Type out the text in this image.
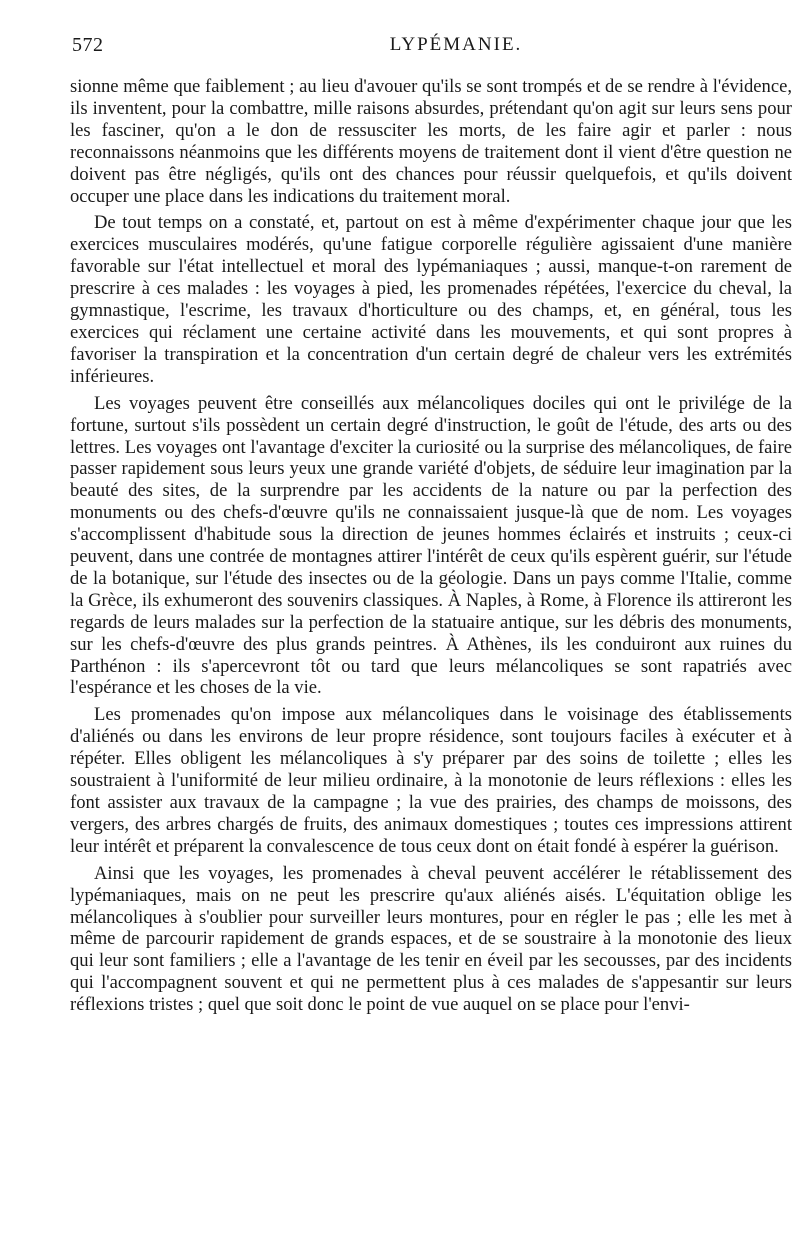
572	LYPÉMANIE.

sionne même que faiblement ; au lieu d'avouer qu'ils se sont trompés et de se rendre à l'évidence, ils inventent, pour la combattre, mille raisons absurdes, prétendant qu'on agit sur leurs sens pour les fasciner, qu'on a le don de ressusciter les morts, de les faire agir et parler : nous reconnaissons néanmoins que les différents moyens de traitement dont il vient d'être question ne doivent pas être négligés, qu'ils ont des chances pour réussir quelquefois, et qu'ils doivent occuper une place dans les indications du traitement moral.

De tout temps on a constaté, et, partout on est à même d'expérimenter chaque jour que les exercices musculaires modérés, qu'une fatigue corporelle régulière agissaient d'une manière favorable sur l'état intellectuel et moral des lypémaniaques ; aussi, manque-t-on rarement de prescrire à ces malades : les voyages à pied, les promenades répétées, l'exercice du cheval, la gymnastique, l'escrime, les travaux d'horticulture ou des champs, et, en général, tous les exercices qui réclament une certaine activité dans les mouvements, et qui sont propres à favoriser la transpiration et la concentration d'un certain degré de chaleur vers les extrémités inférieures.

Les voyages peuvent être conseillés aux mélancoliques dociles qui ont le privilége de la fortune, surtout s'ils possèdent un certain degré d'instruction, le goût de l'étude, des arts ou des lettres. Les voyages ont l'avantage d'exciter la curiosité ou la surprise des mélancoliques, de faire passer rapidement sous leurs yeux une grande variété d'objets, de séduire leur imagination par la beauté des sites, de la surprendre par les accidents de la nature ou par la perfection des monuments ou des chefs-d'œuvre qu'ils ne connaissaient jusque-là que de nom. Les voyages s'accomplissent d'habitude sous la direction de jeunes hommes éclairés et instruits ; ceux-ci peuvent, dans une contrée de montagnes attirer l'intérêt de ceux qu'ils espèrent guérir, sur l'étude de la botanique, sur l'étude des insectes ou de la géologie. Dans un pays comme l'Italie, comme la Grèce, ils exhumeront des souvenirs classiques. À Naples, à Rome, à Florence ils attireront les regards de leurs malades sur la perfection de la statuaire antique, sur les débris des monuments, sur les chefs-d'œuvre des plus grands peintres. À Athènes, ils les conduiront aux ruines du Parthénon : ils s'apercevront tôt ou tard que leurs mélancoliques se sont rapatriés avec l'espérance et les choses de la vie.

Les promenades qu'on impose aux mélancoliques dans le voisinage des établissements d'aliénés ou dans les environs de leur propre résidence, sont toujours faciles à exécuter et à répéter. Elles obligent les mélancoliques à s'y préparer par des soins de toilette ; elles les soustraient à l'uniformité de leur milieu ordinaire, à la monotonie de leurs réflexions : elles les font assister aux travaux de la campagne ; la vue des prairies, des champs de moissons, des vergers, des arbres chargés de fruits, des animaux domestiques ; toutes ces impressions attirent leur intérêt et préparent la convalescence de tous ceux dont on était fondé à espérer la guérison.

Ainsi que les voyages, les promenades à cheval peuvent accélérer le rétablissement des lypémaniaques, mais on ne peut les prescrire qu'aux aliénés aisés. L'équitation oblige les mélancoliques à s'oublier pour surveiller leurs montures, pour en régler le pas ; elle les met à même de parcourir rapidement de grands espaces, et de se soustraire à la monotonie des lieux qui leur sont familiers ; elle a l'avantage de les tenir en éveil par les secousses, par des incidents qui l'accompagnent souvent et qui ne permettent plus à ces malades de s'appesantir sur leurs réflexions tristes ; quel que soit donc le point de vue auquel on se place pour l'envi-
